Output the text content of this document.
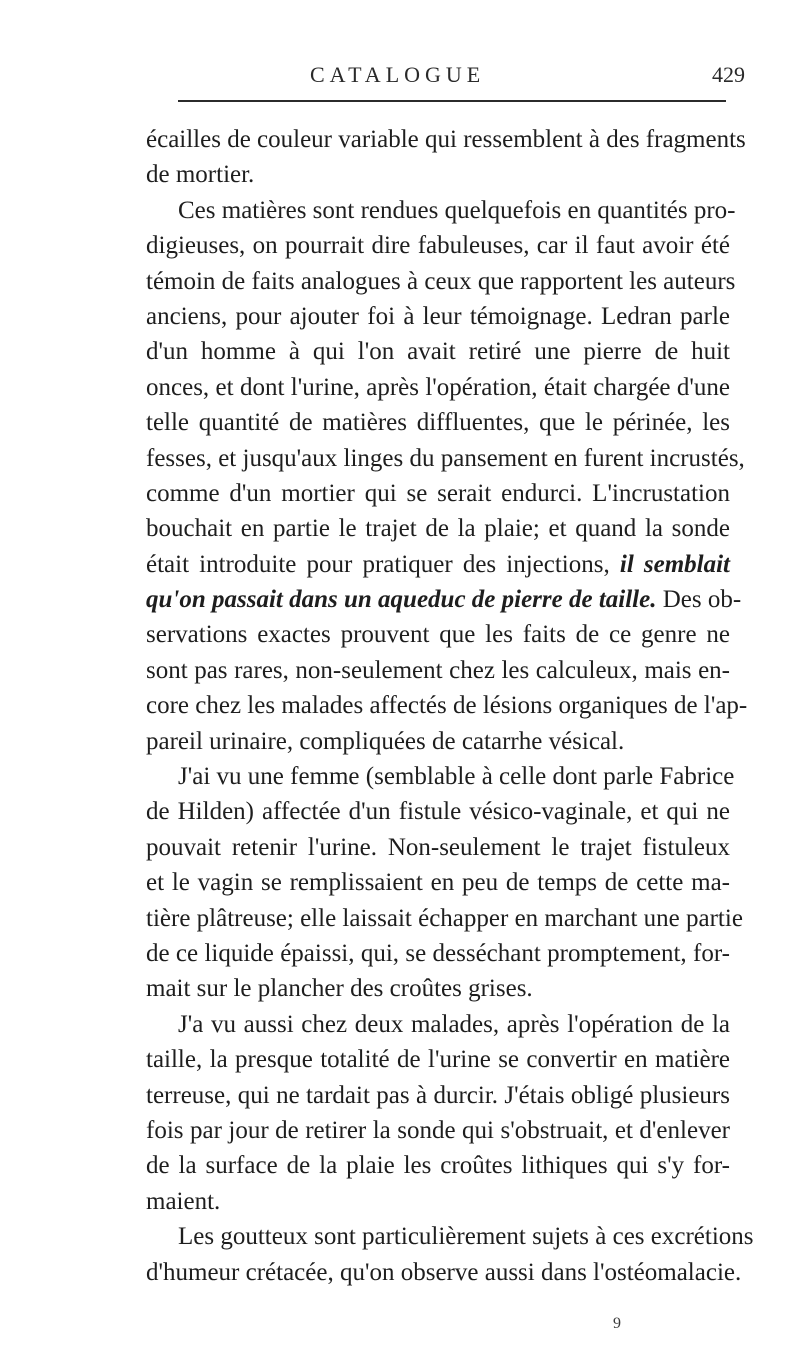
CATALOGUE	429
écailles de couleur variable qui ressemblent à des fragments
de mortier.
Ces matières sont rendues quelquefois en quantités pro-
digieuses, on pourrait dire fabuleuses, car il faut avoir été
témoin de faits analogues à ceux que rapportent les auteurs
anciens, pour ajouter foi à leur témoignage. Ledran parle
d'un homme à qui l'on avait retiré une pierre de huit
onces, et dont l'urine, après l'opération, était chargée d'une
telle quantité de matières diffluentes, que le périnée, les
fesses, et jusqu'aux linges du pansement en furent incrustés,
comme d'un mortier qui se serait endurci. L'incrustation
bouchait en partie le trajet de la plaie; et quand la sonde
était introduite pour pratiquer des injections, il semblait
qu'on passait dans un aqueduc de pierre de taille. Des ob-
servations exactes prouvent que les faits de ce genre ne
sont pas rares, non-seulement chez les calculeux, mais en-
core chez les malades affectés de lésions organiques de l'ap-
pareil urinaire, compliquées de catarrhe vésical.
J'ai vu une femme (semblable à celle dont parle Fabrice
de Hilden) affectée d'un fistule vésico-vaginale, et qui ne
pouvait retenir l'urine. Non-seulement le trajet fistuleux
et le vagin se remplissaient en peu de temps de cette ma-
tière plâtreuse; elle laissait échapper en marchant une partie
de ce liquide épaissi, qui, se desséchant promptement, for-
mait sur le plancher des croûtes grises.
J'a vu aussi chez deux malades, après l'opération de la
taille, la presque totalité de l'urine se convertir en matière
terreuse, qui ne tardait pas à durcir. J'étais obligé plusieurs
fois par jour de retirer la sonde qui s'obstruait, et d'enlever
de la surface de la plaie les croûtes lithiques qui s'y for-
maient.
Les goutteux sont particulièrement sujets à ces excrétions
d'humeur crétacée, qu'on observe aussi dans l'ostéomalacie.
9
